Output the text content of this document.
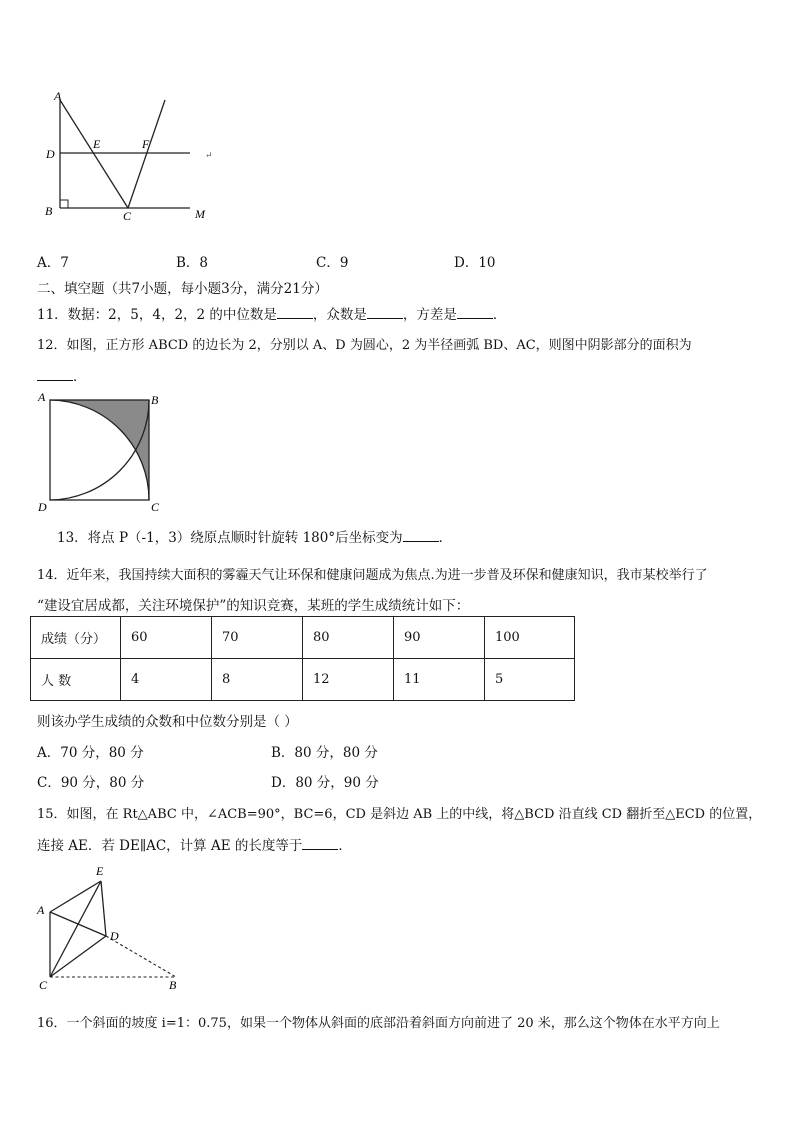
A
D
B
E	F
C	M
↵
A．7	B．8	C．9	D．10
二、填空题（共7小题，每小题3分，满分21分）
11．数据：2，5，4，2，2 的中位数是	，众数是	，方差是	．
12．如图，正方形 ABCD 的边长为 2，分别以 A、D 为圆心，2 为半径画弧 BD、AC，则图中阴影部分的面积为
．
A	B
C
D
13．将点 P（-1，3）绕原点顺时针旋转 180°后坐标变为	．
14．近年来，我国持续大面积的雾霾天气让环保和健康问题成为焦点.为进一步普及环保和健康知识，我市某校举行了
“建设宜居成都，关注环境保护”的知识竞赛，某班的学生成绩统计如下：
成绩（分）	60	70	80	90	100
人 数	4	8	12	11	5
则该办学生成绩的众数和中位数分别是（ ）
A．70 分，80 分	B．80 分，80 分
C．90 分，80 分	D．80 分，90 分
15．如图，在 Rt△ABC 中，∠ACB=90°，BC=6，CD 是斜边 AB 上的中线，将△BCD 沿直线 CD 翻折至△ECD 的位置，
连接 AE．若 DE∥AC，计算 AE 的长度等于	．
E
A
D
C	B
16．一个斜面的坡度 i=1：0.75，如果一个物体从斜面的底部沿着斜面方向前进了 20 米，那么这个物体在水平方向上
